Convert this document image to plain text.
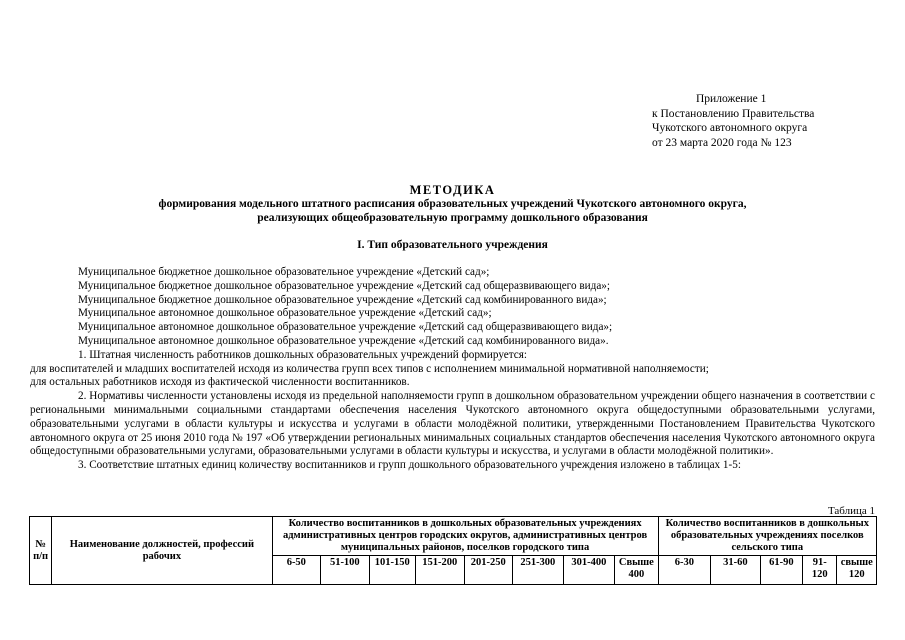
Приложение 1
к Постановлению Правительства
Чукотского автономного округа
от 23 марта 2020 года № 123
МЕТОДИКА
формирования модельного штатного расписания образовательных учреждений Чукотского автономного округа,
реализующих общеобразовательную программу дошкольного образования
I. Тип образовательного учреждения

Муниципальное бюджетное дошкольное образовательное учреждение «Детский сад»;

Муниципальное бюджетное дошкольное образовательное учреждение «Детский сад общеразвивающего вида»;

Муниципальное бюджетное дошкольное образовательное учреждение «Детский сад комбинированного вида»;

Муниципальное автономное дошкольное образовательное учреждение «Детский сад»;

Муниципальное автономное дошкольное образовательное учреждение «Детский сад общеразвивающего вида»;

Муниципальное автономное дошкольное образовательное учреждение «Детский сад комбинированного вида».

1. Штатная численность работников дошкольных образовательных учреждений формируется:

для воспитателей и младших воспитателей исходя из количества групп всех типов с исполнением минимальной нормативной наполняемости;

для остальных работников исходя из фактической численности воспитанников.

2. Нормативы численности установлены исходя из предельной наполняемости групп в дошкольном образовательном учреждении общего назначения в соответствии с региональными минимальными социальными стандартами обеспечения населения Чукотского автономного округа общедоступными образовательными услугами, образовательными услугами в области культуры и искусства и услугами в области молодёжной политики, утвержденными Постановлением Правительства Чукотского автономного округа от 25 июня 2010 года № 197 «Об утверждении региональных минимальных социальных стандартов обеспечения населения Чукотского автономного округа общедоступными образовательными услугами, образовательными услугами в области культуры и искусства, и услугами в области молодёжной политики».

3. Соответствие штатных единиц количеству воспитанников и групп дошкольного образовательного учреждения изложено в таблицах 1-5:

Таблица 1
№ п/п	Наименование должностей, профессий рабочих	Количество воспитанников в дошкольных образовательных учреждениях административных центров городских округов, административных центров муниципальных районов, поселков городского типа								Количество воспитанников в дошкольных образовательных учреждениях поселков сельского типа				
		6-50	51-100	101-150	151-200	201-250	251-300	301-400	Свыше 400	6-30	31-60	61-90	91-120	свыше 120
